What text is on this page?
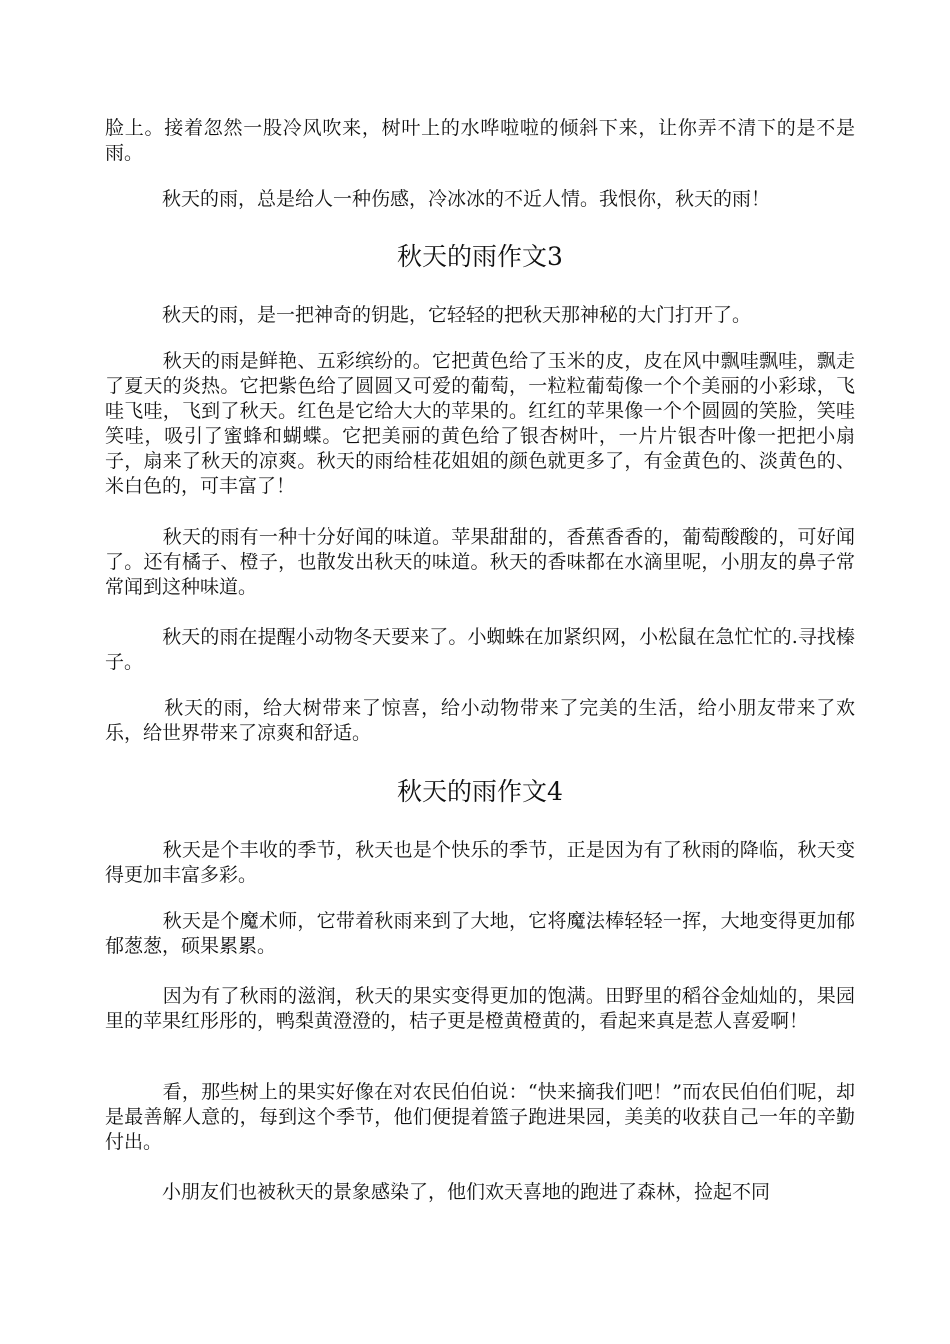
脸上。接着忽然一股冷风吹来，树叶上的水哗啦啦的倾斜下来，让你弄不清下的是不是雨。

　　　秋天的雨，总是给人一种伤感，冷冰冰的不近人情。我恨你，秋天的雨！

秋天的雨作文3

　　　秋天的雨，是一把神奇的钥匙，它轻轻的把秋天那神秘的大门打开了。

　　　秋天的雨是鲜艳、五彩缤纷的。它把黄色给了玉米的皮，皮在风中飘哇飘哇，飘走了夏天的炎热。它把紫色给了圆圆又可爱的葡萄，一粒粒葡萄像一个个美丽的小彩球，飞哇飞哇，飞到了秋天。红色是它给大大的苹果的。红红的苹果像一个个圆圆的笑脸，笑哇笑哇，吸引了蜜蜂和蝴蝶。它把美丽的黄色给了银杏树叶，一片片银杏叶像一把把小扇子，扇来了秋天的凉爽。秋天的雨给桂花姐姐的颜色就更多了，有金黄色的、淡黄色的、米白色的，可丰富了！

　　　秋天的雨有一种十分好闻的味道。苹果甜甜的，香蕉香香的，葡萄酸酸的，可好闻了。还有橘子、橙子，也散发出秋天的味道。秋天的香味都在水滴里呢，小朋友的鼻子常常闻到这种味道。

　　　秋天的雨在提醒小动物冬天要来了。小蜘蛛在加紧织网，小松鼠在急忙忙的.寻找榛子。

　　　秋天的雨，给大树带来了惊喜，给小动物带来了完美的生活，给小朋友带来了欢乐，给世界带来了凉爽和舒适。

秋天的雨作文4

　　　秋天是个丰收的季节，秋天也是个快乐的季节，正是因为有了秋雨的降临，秋天变得更加丰富多彩。

　　　秋天是个魔术师，它带着秋雨来到了大地，它将魔法棒轻轻一挥，大地变得更加郁郁葱葱，硕果累累。

　　　因为有了秋雨的滋润，秋天的果实变得更加的饱满。田野里的稻谷金灿灿的，果园里的苹果红彤彤的，鸭梨黄澄澄的，桔子更是橙黄橙黄的，看起来真是惹人喜爱啊！

　　　看，那些树上的果实好像在对农民伯伯说：“快来摘我们吧！”而农民伯伯们呢，却是最善解人意的，每到这个季节，他们便提着篮子跑进果园，美美的收获自己一年的辛勤付出。

　　　小朋友们也被秋天的景象感染了，他们欢天喜地的跑进了森林，捡起不同
